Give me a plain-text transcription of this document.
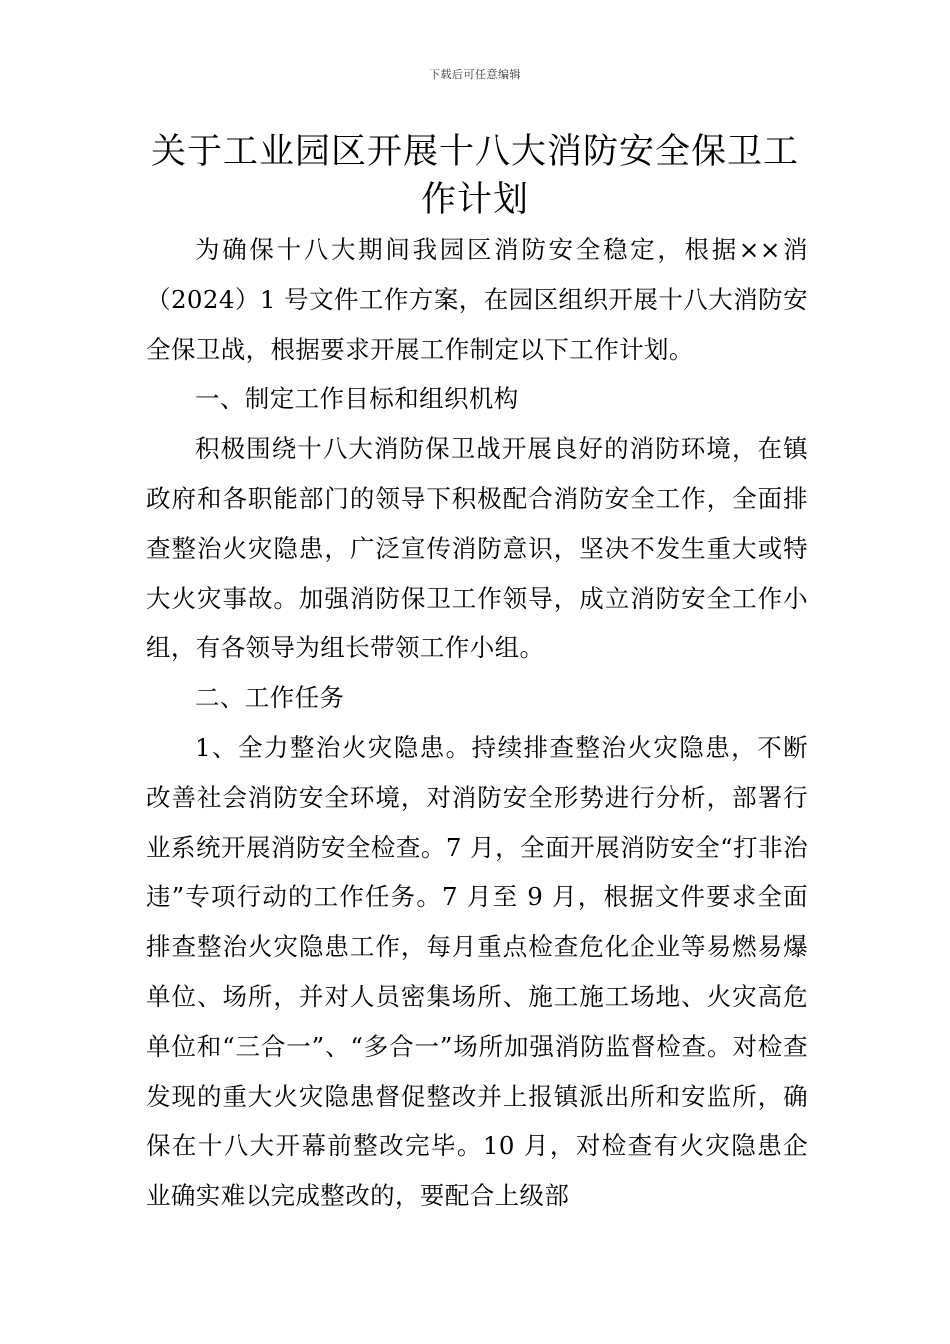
下载后可任意编辑
关于工业园区开展十八大消防安全保卫工作计划

为确保十八大期间我园区消防安全稳定，根据××消（2024）1 号文件工作方案，在园区组织开展十八大消防安全保卫战，根据要求开展工作制定以下工作计划。

一、制定工作目标和组织机构

积极围绕十八大消防保卫战开展良好的消防环境，在镇政府和各职能部门的领导下积极配合消防安全工作，全面排查整治火灾隐患，广泛宣传消防意识，坚决不发生重大或特大火灾事故。加强消防保卫工作领导，成立消防安全工作小组，有各领导为组长带领工作小组。

二、工作任务

1、全力整治火灾隐患。持续排查整治火灾隐患，不断改善社会消防安全环境，对消防安全形势进行分析，部署行业系统开展消防安全检查。7 月，全面开展消防安全“打非治违”专项行动的工作任务。7 月至 9 月，根据文件要求全面排查整治火灾隐患工作，每月重点检查危化企业等易燃易爆单位、场所，并对人员密集场所、施工施工场地、火灾高危单位和“三合一”、“多合一”场所加强消防监督检查。对检查发现的重大火灾隐患督促整改并上报镇派出所和安监所，确保在十八大开幕前整改完毕。10 月，对检查有火灾隐患企业确实难以完成整改的，要配合上级部
